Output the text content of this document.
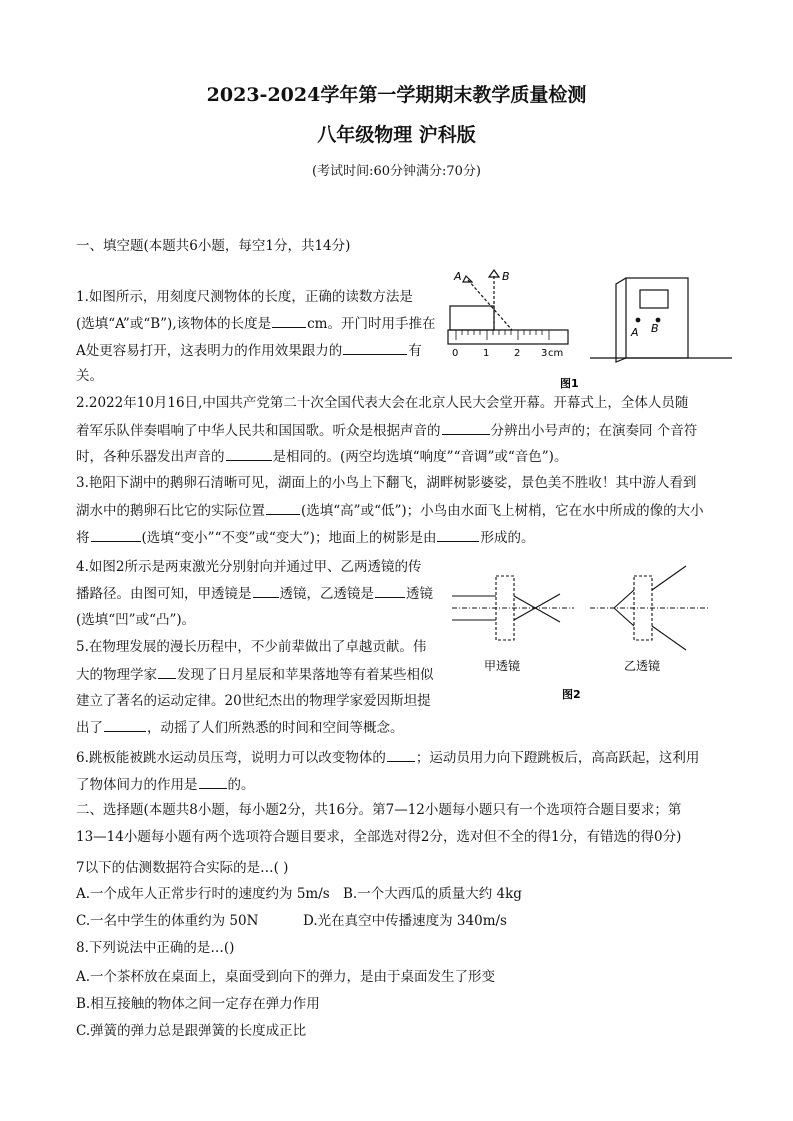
2023-2024学年第一学期期末教学质量检测
八年级物理 沪科版
(考试时间:60分钟满分:70分)
一、填空题(本题共6小题，每空1分，共14分)
1.如图所示，用刻度尺测物体的长度，正确的读数方法是
(选填“A”或“B”),该物体的长度是	cm。开门时用手推在
A处更容易打开，这表明力的作用效果跟力的	有
关。
A	B
0 1 2 3 cm
A B
图1
2.2022年10月16日,中国共产党第二十次全国代表大会在北京人民大会堂开幕。开幕式上，全体人员随
着军乐队伴奏唱响了中华人民共和国国歌。听众是根据声音的	分辨出小号声的；在演奏同 个音符
时，各种乐器发出声音的	是相同的。(两空均选填“响度”“音调”或“音色”)。
3.艳阳下湖中的鹅卵石清晰可见，湖面上的小鸟上下翻飞，湖畔树影婆娑，景色美不胜收！其中游人看到
湖水中的鹅卵石比它的实际位置	(选填“高”或“低”)；小鸟由水面飞上树梢，它在水中所成的像的大小
将	(选填“变小”“不变”或“变大”)；地面上的树影是由	形成的。
4.如图2所示是两束激光分别射向并通过甲、乙两透镜的传
播路径。由图可知，甲透镜是 透镜，乙透镜是 透镜
(选填“凹”或“凸”)。
甲透镜	乙透镜
图2
5.在物理发展的漫长历程中，不少前辈做出了卓越贡献。伟
大的物理学家 发现了日月星辰和苹果落地等有着某些相似
建立了著名的运动定律。20世纪杰出的物理学家爱因斯坦提
出了	，动摇了人们所熟悉的时间和空间等概念。
6.跳板能被跳水运动员压弯，说明力可以改变物体的 ；运动员用力向下蹬跳板后，高高跃起，这利用
了物体间力的作用是 的。
二、选择题(本题共8小题，每小题2分，共16分。第7—12小题每小题只有一个选项符合题目要求；第
13—14小题每小题有两个选项符合题目要求，全部选对得2分，选对但不全的得1分，有错选的得0分)
7以下的估测数据符合实际的是…( )
A.一个成年人正常步行时的速度约为 5m/s B.一个大西瓜的质量大约 4kg
C.一名中学生的体重约为 50N	D.光在真空中传播速度为 340m/s
8.下列说法中正确的是…()
A.一个茶杯放在桌面上，桌面受到向下的弹力，是由于桌面发生了形变
B.相互接触的物体之间一定存在弹力作用
C.弹簧的弹力总是跟弹簧的长度成正比
